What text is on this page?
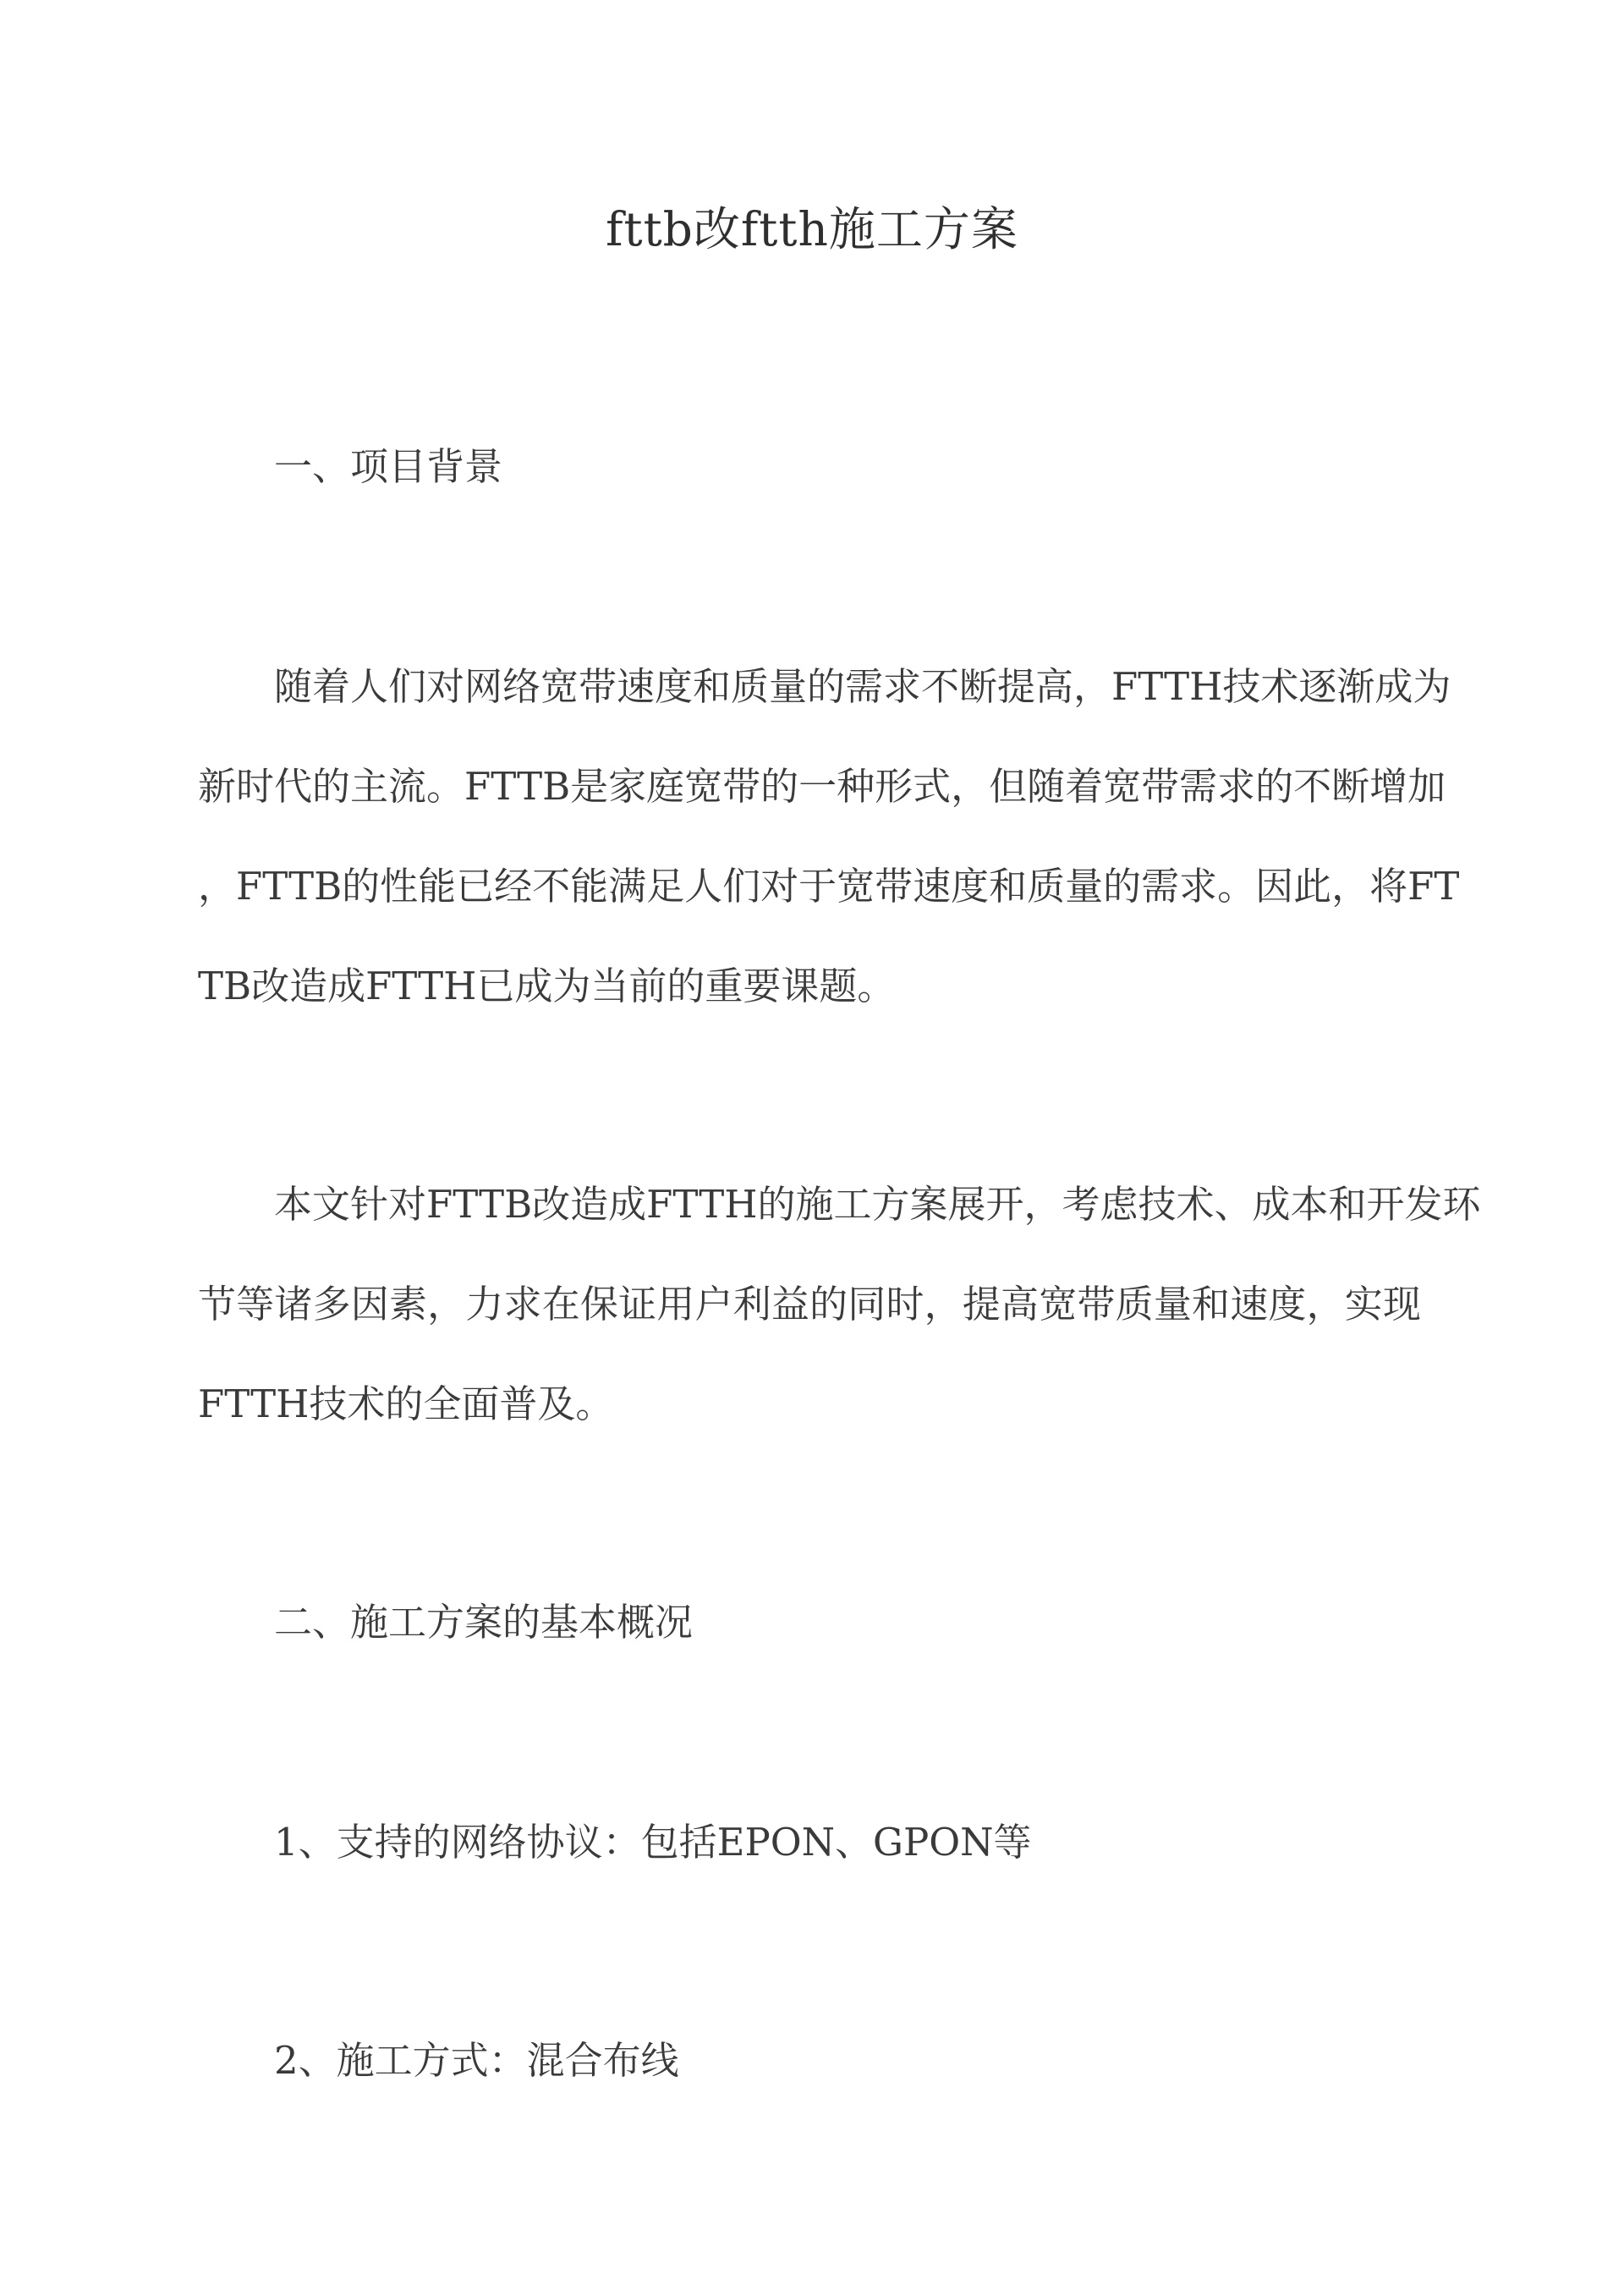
fttb改ftth施工方案
一、项目背景
随着人们对网络宽带速度和质量的需求不断提高，FTTH技术逐渐成为
新时代的主流。FTTB是家庭宽带的一种形式，但随着宽带需求的不断增加
，FTTB的性能已经不能满足人们对于宽带速度和质量的需求。因此，将FT
TB改造成FTTH已成为当前的重要课题。
本文针对FTTB改造成FTTH的施工方案展开，考虑技术、成本和开发环
节等诸多因素，力求在保证用户利益的同时，提高宽带质量和速度，实现
FTTH技术的全面普及。
二、施工方案的基本概况
1、支持的网络协议：包括EPON、GPON等
2、施工方式：混合布线
